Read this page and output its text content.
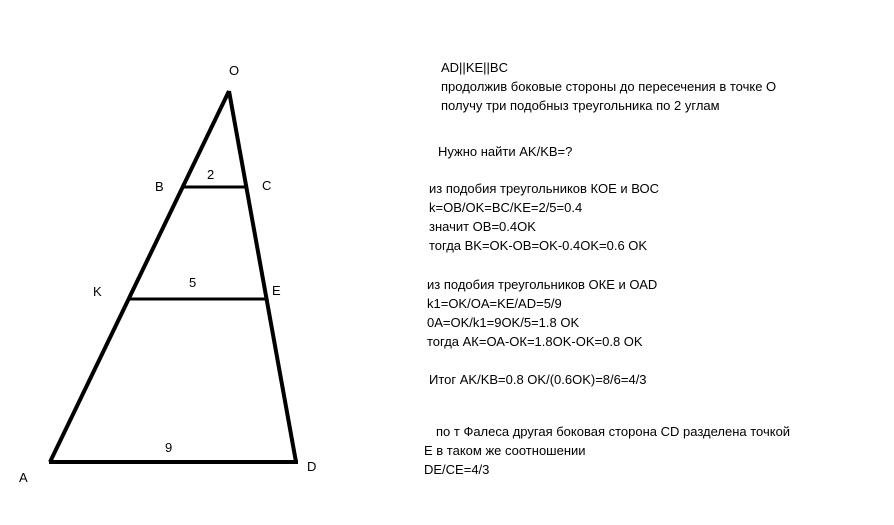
O
B	C
K	E
A
D
2
5
9
AD||KE||BC
продолжив боковые стороны до пересечения в точке O
получу три подобныз треугольника по 2 углам
Нужно найти AK/KB=?
из подобия треугольников КОЕ и ВОС
k=OB/OK=BC/KE=2/5=0.4
значит OB=0.4OK
тогда BK=OK-OB=OK-0.4OK=0.6 OK
из подобия треугольников ОКЕ и ОАD
k1=OK/OA=KE/AD=5/9
0A=OK/k1=9OK/5=1.8 OK
тогда АК=ОА-ОК=1.8OK-OK=0.8 OK
Итог AK/KB=0.8 OK/(0.6OK)=8/6=4/3
по т Фалеса другая боковая сторона CD разделена точкой
E в таком же соотношении
DE/CE=4/3
